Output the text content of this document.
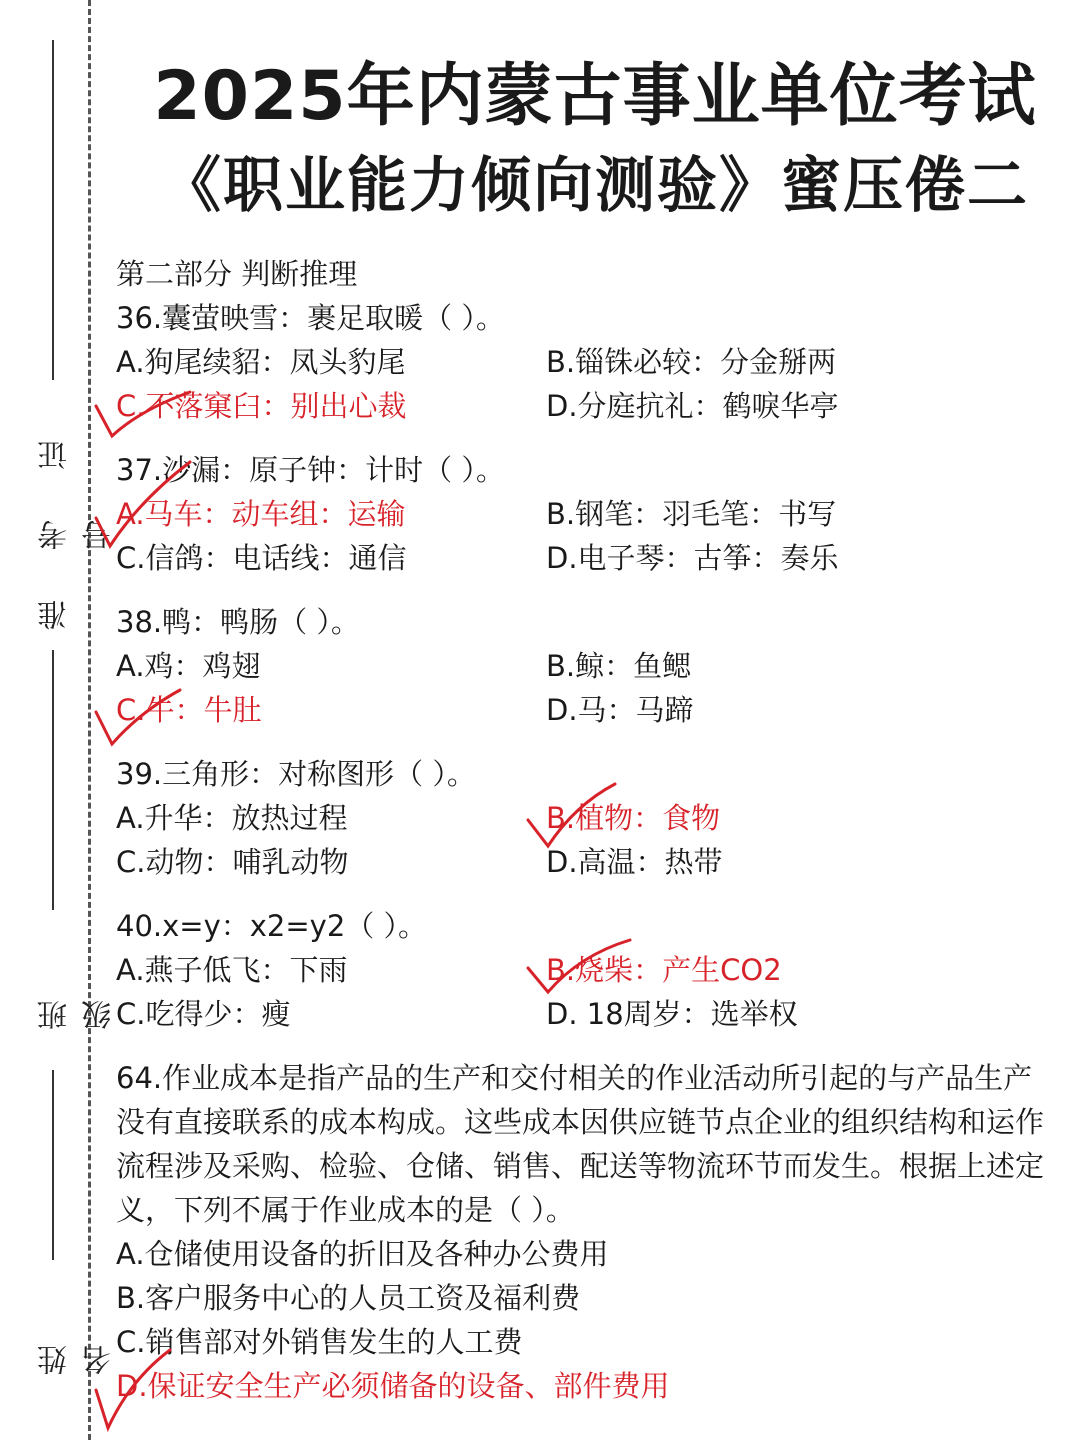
准考证号
班级
姓名
2025年内蒙古事业单位考试
《职业能力倾向测验》蜜压倦二
第二部分 判断推理
36.囊萤映雪：裹足取暖（ ）。
A.狗尾续貂：凤头豹尾	B.锱铢必较：分金掰两
C.不落窠臼：别出心裁	D.分庭抗礼：鹤唳华亭
37.沙漏：原子钟：计时（ ）。
A.马车：动车组：运输	B.钢笔：羽毛笔：书写
C.信鸽：电话线：通信	D.电子琴：古筝：奏乐
38.鸭：鸭肠（ ）。
A.鸡：鸡翅	B.鲸：鱼鳃
C.牛：牛肚	D.马：马蹄
39.三角形：对称图形（ ）。
A.升华：放热过程	B.植物：食物
C.动物：哺乳动物	D.高温：热带
40.x=y：x2=y2（ ）。
A.燕子低飞：下雨	B.烧柴：产生CO2
C.吃得少：瘦	D. 18周岁：选举权

64.作业成本是指产品的生产和交付相关的作业活动所引起的与产品生产没有直接联系的成本构成。这些成本因供应链节点企业的组织结构和运作流程涉及采购、检验、仓储、销售、配送等物流环节而发生。根据上述定义，下列不属于作业成本的是（ ）。

A.仓储使用设备的折旧及各种办公费用
B.客户服务中心的人员工资及福利费
C.销售部对外销售发生的人工费
D.保证安全生产必须储备的设备、部件费用
